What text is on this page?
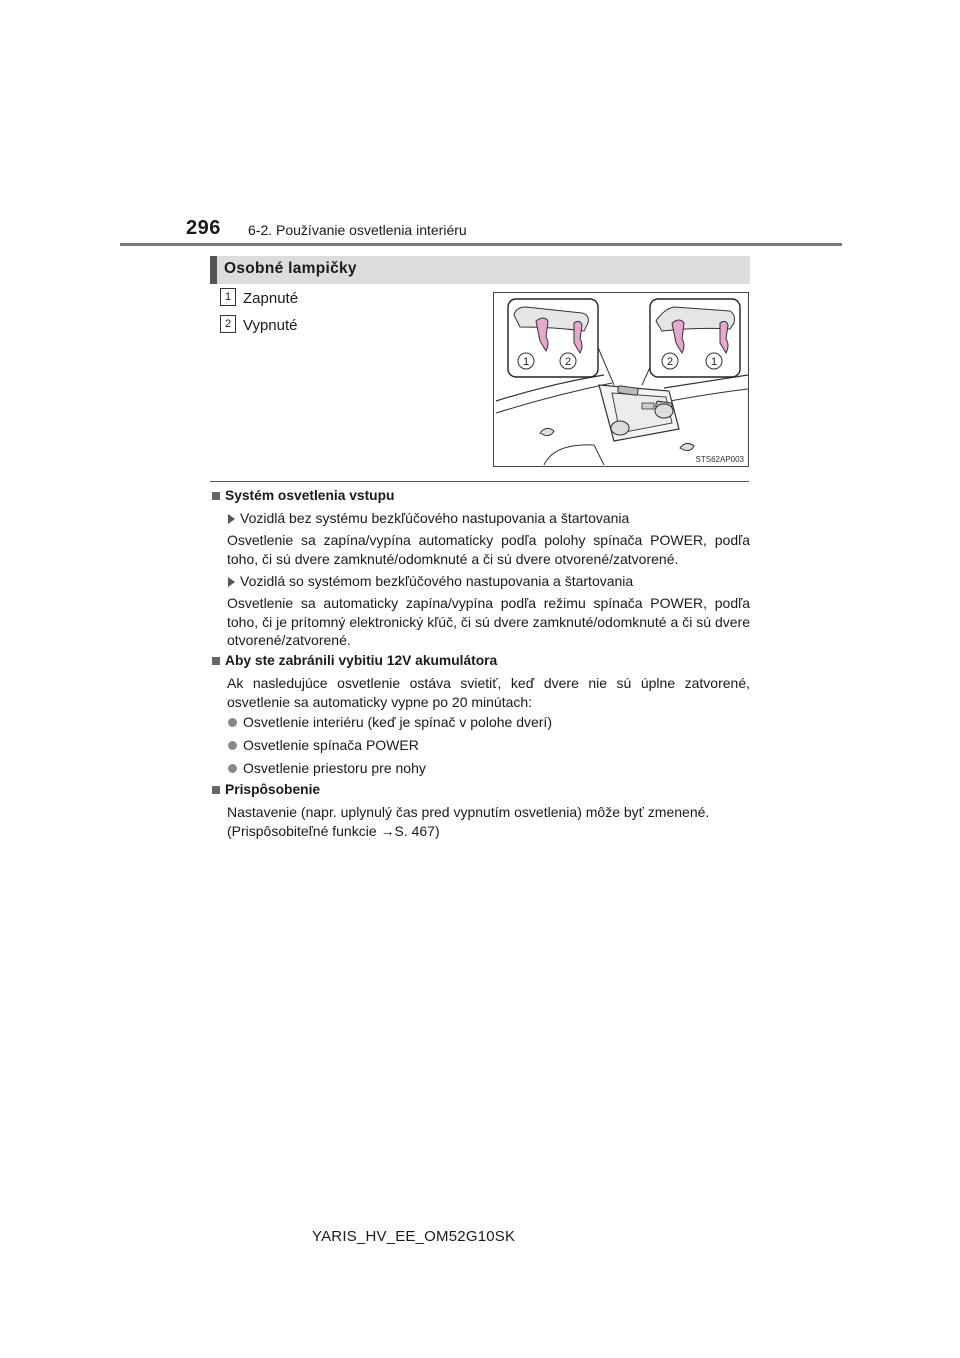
296 6-2. Používanie osvetlenia interiéru
Osobné lampičky
1 Zapnuté
2 Vypnuté
1	2	2	1
STS62AP003
Systém osvetlenia vstupu
Vozidlá bez systému bezkľúčového nastupovania a štartovania
Osvetlenie sa zapína/vypína automaticky podľa polohy spínača POWER, podľa toho, či sú dvere zamknuté/odomknuté a či sú dvere otvorené/zatvorené.
Vozidlá so systémom bezkľúčového nastupovania a štartovania
Osvetlenie sa automaticky zapína/vypína podľa režimu spínača POWER, podľa toho, či je prítomný elektronický kľúč, či sú dvere zamknuté/odomknuté a či sú dvere otvorené/zatvorené.
Aby ste zabránili vybitiu 12V akumulátora
Ak nasledujúce osvetlenie ostáva svietiť, keď dvere nie sú úplne zatvorené, osvetlenie sa automaticky vypne po 20 minútach:
Osvetlenie interiéru (keď je spínač v polohe dverí)
Osvetlenie spínača POWER
Osvetlenie priestoru pre nohy
Prispôsobenie
Nastavenie (napr. uplynulý čas pred vypnutím osvetlenia) môže byť zmenené. (Prispôsobiteľné funkcie →S. 467)
YARIS_HV_EE_OM52G10SK
